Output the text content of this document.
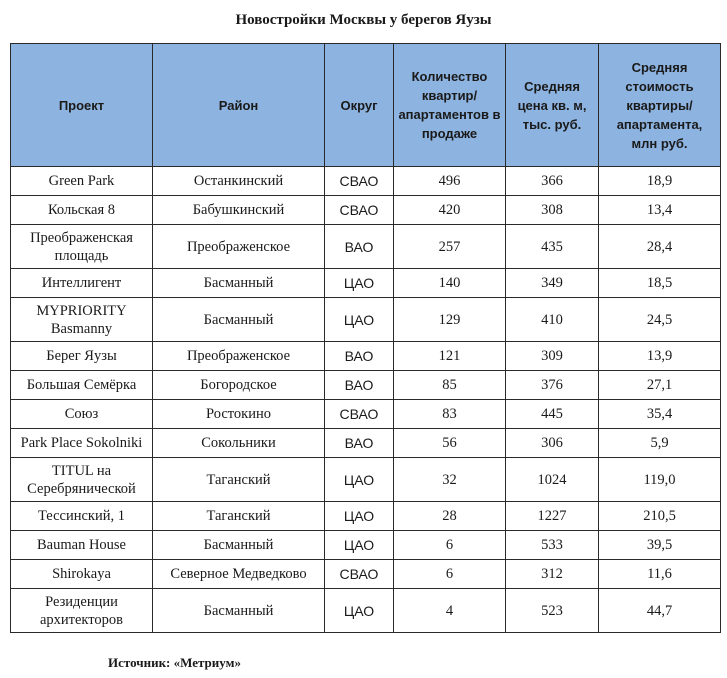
Новостройки Москвы у берегов Яузы
Проект	Район	Округ	Количество квартир/ апартаментов в продаже	Средняя цена кв. м, тыс. руб.	Средняя стоимость квартиры/ апартамента, млн руб.
Green Park	Останкинский	СВАО	496	366	18,9
Кольская 8	Бабушкинский	СВАО	420	308	13,4
Преображенская площадь	Преображенское	ВАО	257	435	28,4
Интеллигент	Басманный	ЦАО	140	349	18,5
MYPRIORITY Basmanny	Басманный	ЦАО	129	410	24,5
Берег Яузы	Преображенское	ВАО	121	309	13,9
Большая Семёрка	Богородское	ВАО	85	376	27,1
Союз	Ростокино	СВАО	83	445	35,4
Park Place Sokolniki	Сокольники	ВАО	56	306	5,9
TITUL на Серебрянической	Таганский	ЦАО	32	1024	119,0
Тессинский, 1	Таганский	ЦАО	28	1227	210,5
Bauman House	Басманный	ЦАО	6	533	39,5
Shirokaya	Северное Медведково	СВАО	6	312	11,6
Резиденции архитекторов	Басманный	ЦАО	4	523	44,7
Источник: «Метриум»
